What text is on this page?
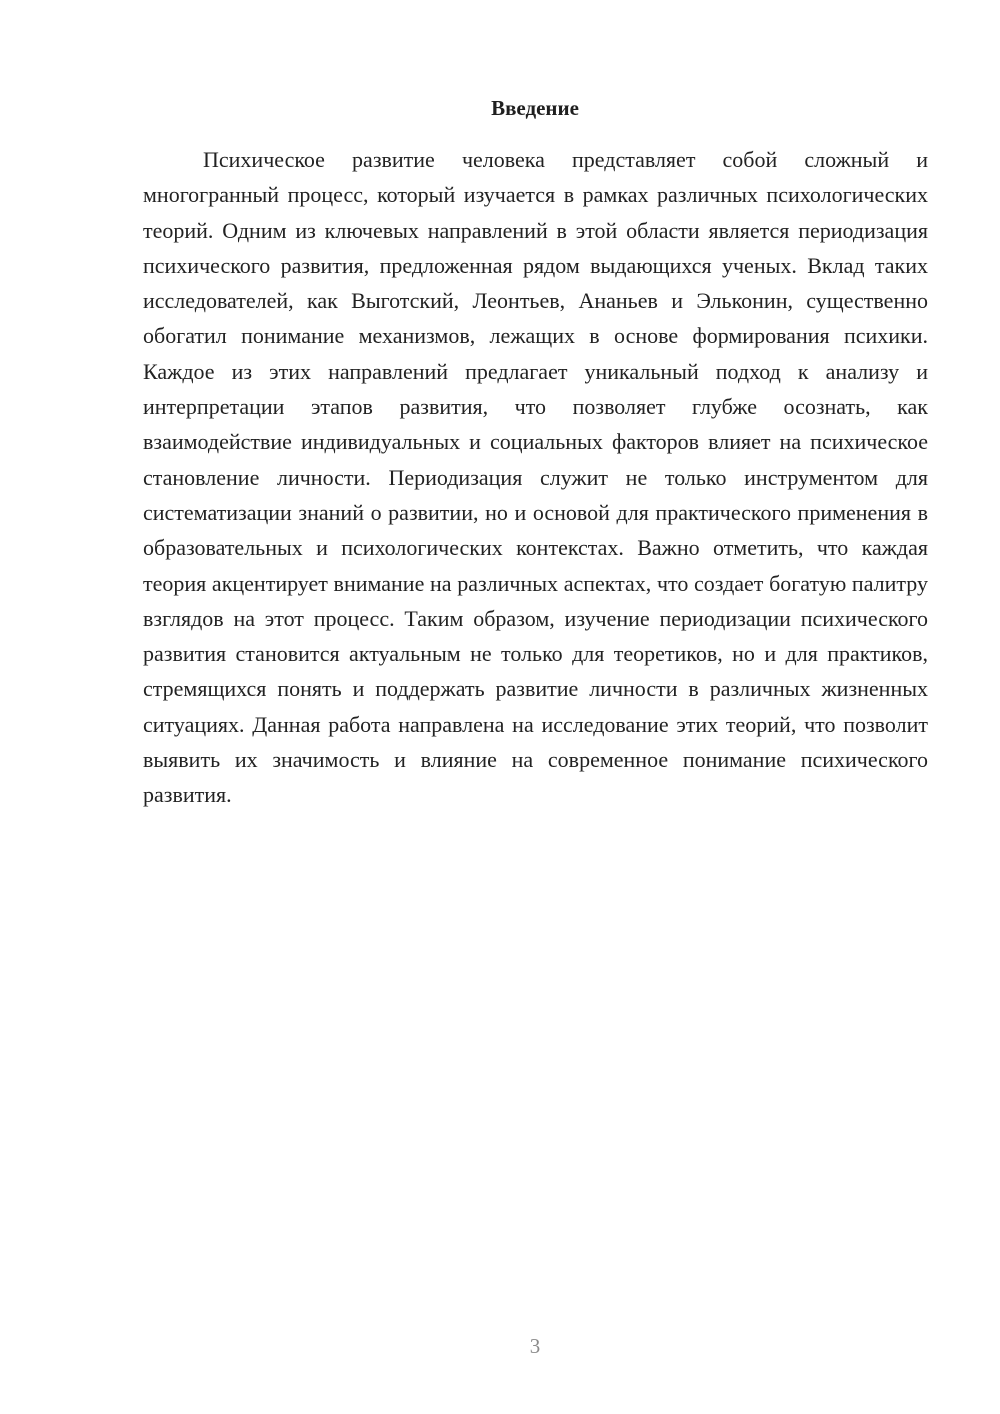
Введение

Психическое развитие человека представляет собой сложный и многогранный процесс, который изучается в рамках различных психологических теорий. Одним из ключевых направлений в этой области является периодизация психического развития, предложенная рядом выдающихся ученых. Вклад таких исследователей, как Выготский, Леонтьев, Ананьев и Эльконин, существенно обогатил понимание механизмов, лежащих в основе формирования психики. Каждое из этих направлений предлагает уникальный подход к анализу и интерпретации этапов развития, что позволяет глубже осознать, как взаимодействие индивидуальных и социальных факторов влияет на психическое становление личности. Периодизация служит не только инструментом для систематизации знаний о развитии, но и основой для практического применения в образовательных и психологических контекстах. Важно отметить, что каждая теория акцентирует внимание на различных аспектах, что создает богатую палитру взглядов на этот процесс. Таким образом, изучение периодизации психического развития становится актуальным не только для теоретиков, но и для практиков, стремящихся понять и поддержать развитие личности в различных жизненных ситуациях. Данная работа направлена на исследование этих теорий, что позволит выявить их значимость и влияние на современное понимание психического развития.

3
